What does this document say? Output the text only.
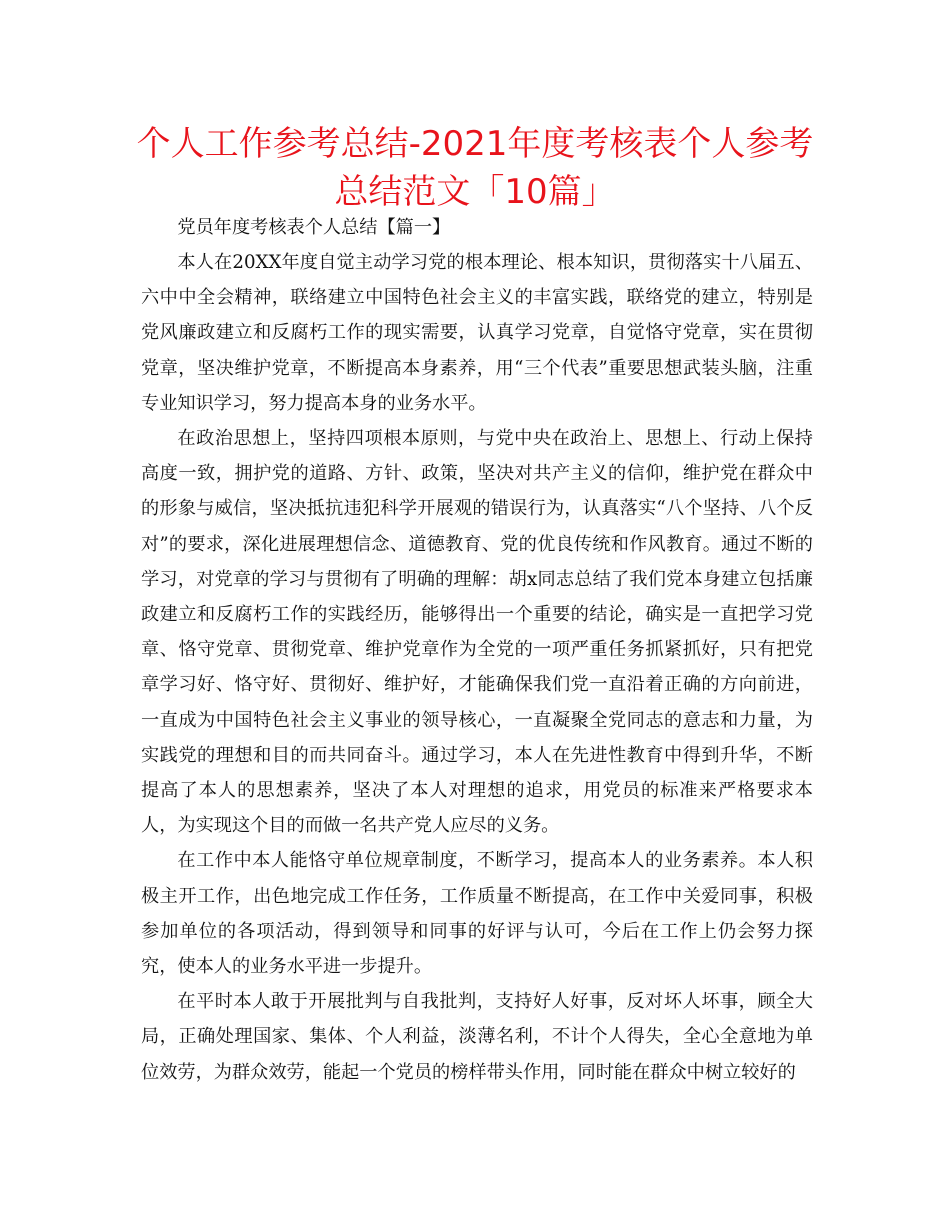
个人工作参考总结-2021年度考核表个人参考总结范文「10篇」

党员年度考核表个人总结【篇一】

本人在20XX年度自觉主动学习党的根本理论、根本知识，贯彻落实十八届五、六中中全会精神，联络建立中国特色社会主义的丰富实践，联络党的建立，特别是党风廉政建立和反腐朽工作的现实需要，认真学习党章，自觉恪守党章，实在贯彻党章，坚决维护党章，不断提高本身素养，用“三个代表”重要思想武装头脑，注重专业知识学习，努力提高本身的业务水平。

在政治思想上，坚持四项根本原则，与党中央在政治上、思想上、行动上保持高度一致，拥护党的道路、方针、政策，坚决对共产主义的信仰，维护党在群众中的形象与威信，坚决抵抗违犯科学开展观的错误行为，认真落实“八个坚持、八个反对”的要求，深化进展理想信念、道德教育、党的优良传统和作风教育。通过不断的学习，对党章的学习与贯彻有了明确的理解：胡x同志总结了我们党本身建立包括廉政建立和反腐朽工作的实践经历，能够得出一个重要的结论，确实是一直把学习党章、恪守党章、贯彻党章、维护党章作为全党的一项严重任务抓紧抓好，只有把党章学习好、恪守好、贯彻好、维护好，才能确保我们党一直沿着正确的方向前进，一直成为中国特色社会主义事业的领导核心，一直凝聚全党同志的意志和力量，为实践党的理想和目的而共同奋斗。通过学习，本人在先进性教育中得到升华，不断提高了本人的思想素养，坚决了本人对理想的追求，用党员的标准来严格要求本人，为实现这个目的而做一名共产党人应尽的义务。

在工作中本人能恪守单位规章制度，不断学习，提高本人的业务素养。本人积极主开工作，出色地完成工作任务，工作质量不断提高，在工作中关爱同事，积极参加单位的各项活动，得到领导和同事的好评与认可，今后在工作上仍会努力探究，使本人的业务水平进一步提升。

在平时本人敢于开展批判与自我批判，支持好人好事，反对坏人坏事，顾全大局，正确处理国家、集体、个人利益，淡薄名利，不计个人得失，全心全意地为单位效劳，为群众效劳，能起一个党员的榜样带头作用，同时能在群众中树立较好的
